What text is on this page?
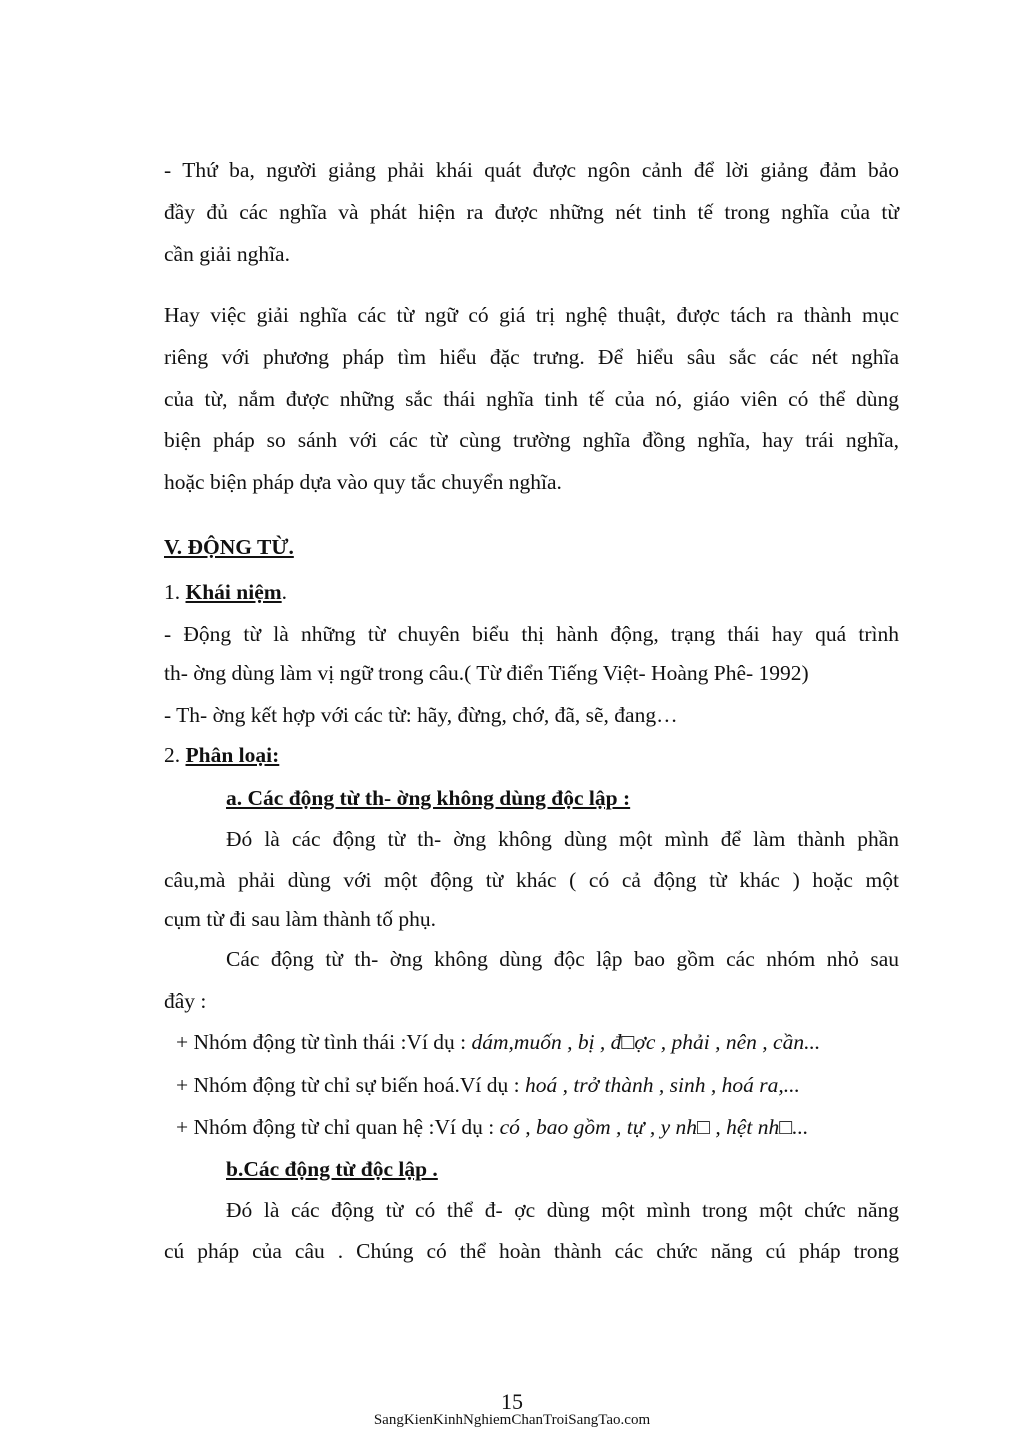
- Thứ ba, người giảng phải khái quát được ngôn cảnh để lời giảng đảm bảo
đầy đủ các nghĩa và phát hiện ra được những nét tinh tế trong nghĩa của từ
cần giải nghĩa.
Hay việc giải nghĩa các từ ngữ có giá trị nghệ thuật, được tách ra thành mục
riêng với phương pháp tìm hiểu đặc trưng. Để hiểu sâu sắc các nét nghĩa
của từ, nắm được những sắc thái nghĩa tinh tế của nó, giáo viên có thể dùng
biện pháp so sánh với các từ cùng trường nghĩa đồng nghĩa, hay trái nghĩa,
hoặc biện pháp dựa vào quy tắc chuyển nghĩa.
V. ĐỘNG TỪ.
1. Khái niệm.
- Động từ là những từ chuyên biểu thị hành động, trạng thái hay quá trình
th- ờng dùng làm vị ngữ trong câu.( Từ điển Tiếng Việt- Hoàng Phê- 1992)
- Th- ờng kết hợp với các từ: hãy, đừng, chớ, đã, sẽ, đang…
2. Phân loại:
a. Các động từ th- ờng không dùng độc lập :
Đó là các động từ th- ờng không dùng một mình để làm thành phần
câu,mà phải dùng với một động từ khác ( có cả động từ khác ) hoặc một
cụm từ đi sau làm thành tố phụ.
Các động từ th- ờng không dùng độc lập bao gồm các nhóm nhỏ sau
đây :
+ Nhóm động từ tình thái :Ví dụ : dám,muốn , bị , đ□ợc , phải , nên , cần...
+ Nhóm động từ chỉ sự biến hoá.Ví dụ : hoá , trở thành , sinh , hoá ra,...
+ Nhóm động từ chỉ quan hệ :Ví dụ : có , bao gồm , tự , y nh□ , hệt nh□...
b.Các động từ độc lập .
Đó là các động từ có thể đ- ợc dùng một mình trong một chức năng
cú pháp của câu . Chúng có thể hoàn thành các chức năng cú pháp trong
15
SangKienKinhNghiemChanTroiSangTao.com
